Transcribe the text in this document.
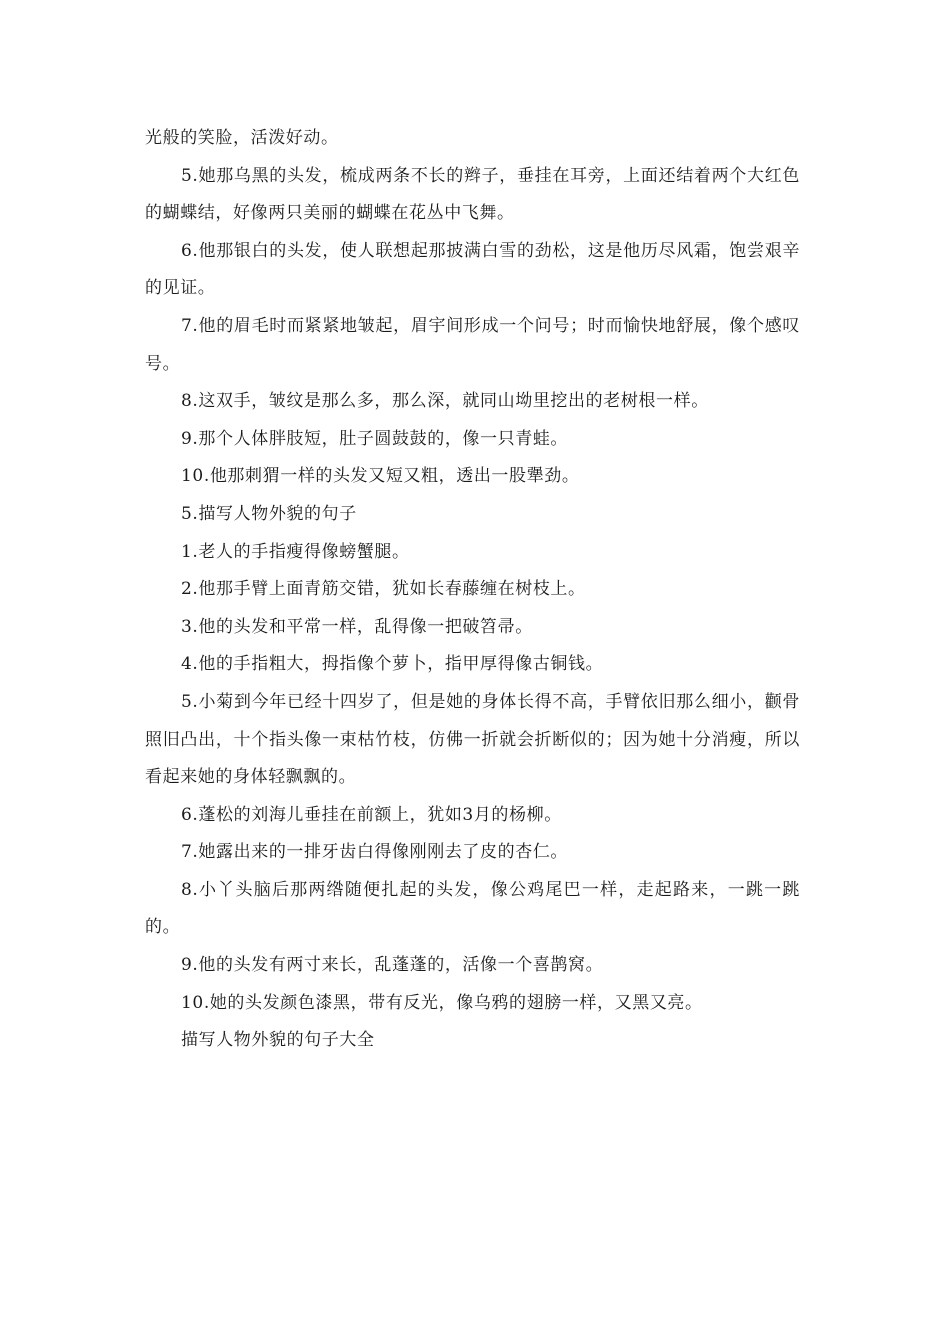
光般的笑脸，活泼好动。

5.她那乌黑的头发，梳成两条不长的辫子，垂挂在耳旁，上面还结着两个大红色的蝴蝶结，好像两只美丽的蝴蝶在花丛中飞舞。

6.他那银白的头发，使人联想起那披满白雪的劲松，这是他历尽风霜，饱尝艰辛的见证。

7.他的眉毛时而紧紧地皱起，眉宇间形成一个问号；时而愉快地舒展，像个感叹号。

8.这双手，皱纹是那么多，那么深，就同山坳里挖出的老树根一样。

9.那个人体胖肢短，肚子圆鼓鼓的，像一只青蛙。

10.他那刺猬一样的头发又短又粗，透出一股犟劲。

5.描写人物外貌的句子

1.老人的手指瘦得像螃蟹腿。

2.他那手臂上面青筋交错，犹如长春藤缠在树枝上。

3.他的头发和平常一样，乱得像一把破笤帚。

4.他的手指粗大，拇指像个萝卜，指甲厚得像古铜钱。

5.小菊到今年已经十四岁了，但是她的身体长得不高，手臂依旧那么细小，颧骨照旧凸出，十个指头像一束枯竹枝，仿佛一折就会折断似的；因为她十分消瘦，所以看起来她的身体轻飘飘的。

6.蓬松的刘海儿垂挂在前额上，犹如3月的杨柳。

7.她露出来的一排牙齿白得像刚刚去了皮的杏仁。

8.小丫头脑后那两绺随便扎起的头发，像公鸡尾巴一样，走起路来，一跳一跳的。

9.他的头发有两寸来长，乱蓬蓬的，活像一个喜鹊窝。

10.她的头发颜色漆黑，带有反光，像乌鸦的翅膀一样，又黑又亮。

描写人物外貌的句子大全
